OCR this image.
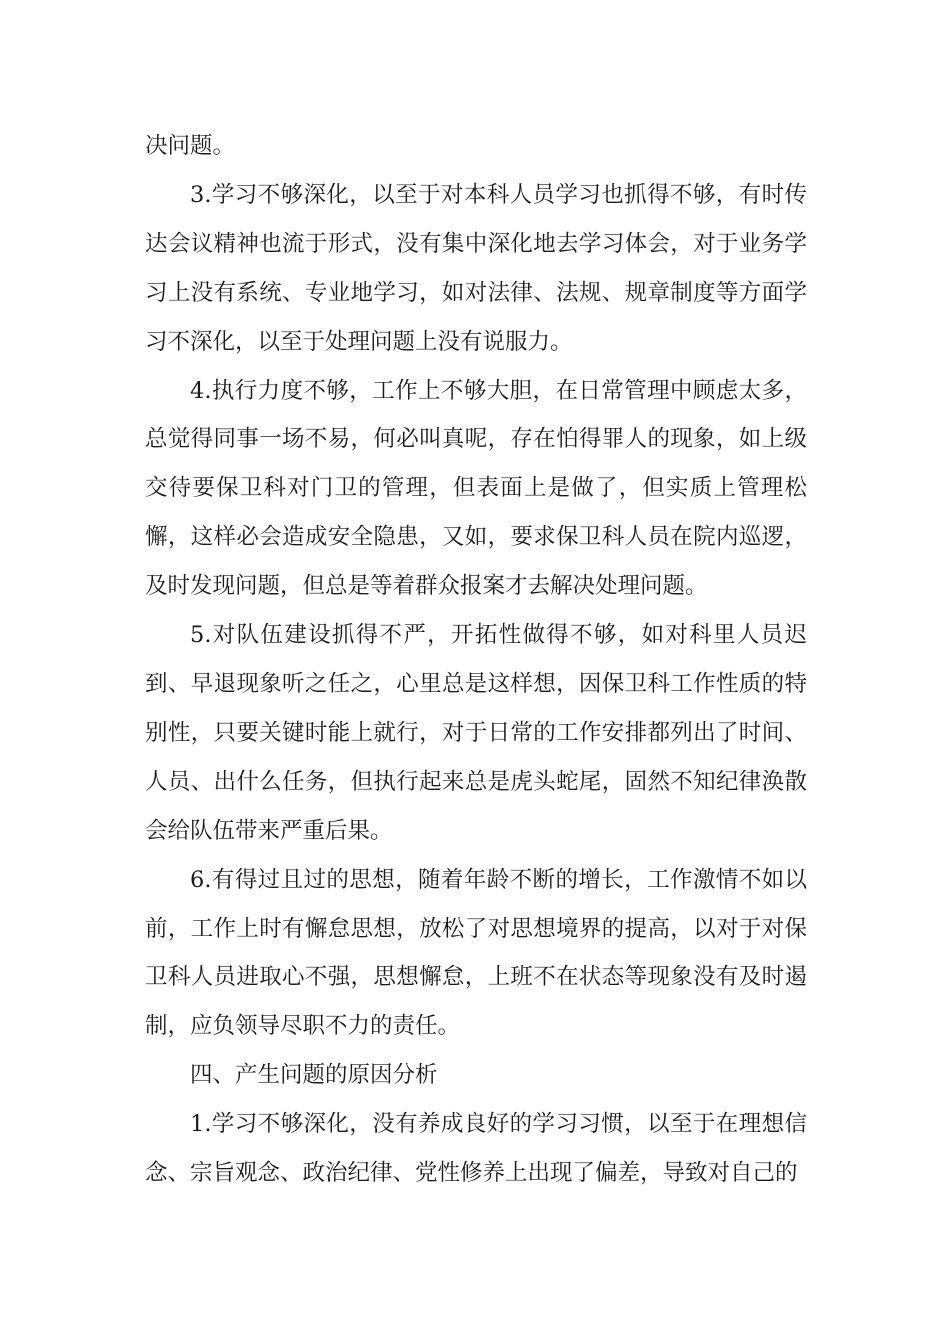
决问题。

3.学习不够深化，以至于对本科人员学习也抓得不够，有时传达会议精神也流于形式，没有集中深化地去学习体会，对于业务学习上没有系统、专业地学习，如对法律、法规、规章制度等方面学习不深化，以至于处理问题上没有说服力。

4.执行力度不够，工作上不够大胆，在日常管理中顾虑太多，总觉得同事一场不易，何必叫真呢，存在怕得罪人的现象，如上级交待要保卫科对门卫的管理，但表面上是做了，但实质上管理松懈，这样必会造成安全隐患，又如，要求保卫科人员在院内巡逻，及时发现问题，但总是等着群众报案才去解决处理问题。

5.对队伍建设抓得不严，开拓性做得不够，如对科里人员迟到、早退现象听之任之，心里总是这样想，因保卫科工作性质的特别性，只要关键时能上就行，对于日常的工作安排都列出了时间、人员、出什么任务，但执行起来总是虎头蛇尾，固然不知纪律涣散会给队伍带来严重后果。

6.有得过且过的思想，随着年龄不断的增长，工作激情不如以前，工作上时有懈怠思想，放松了对思想境界的提高，以对于对保卫科人员进取心不强，思想懈怠，上班不在状态等现象没有及时遏制，应负领导尽职不力的责任。

四、产生问题的原因分析

1.学习不够深化，没有养成良好的学习习惯，以至于在理想信念、宗旨观念、政治纪律、党性修养上出现了偏差，导致对自己的
